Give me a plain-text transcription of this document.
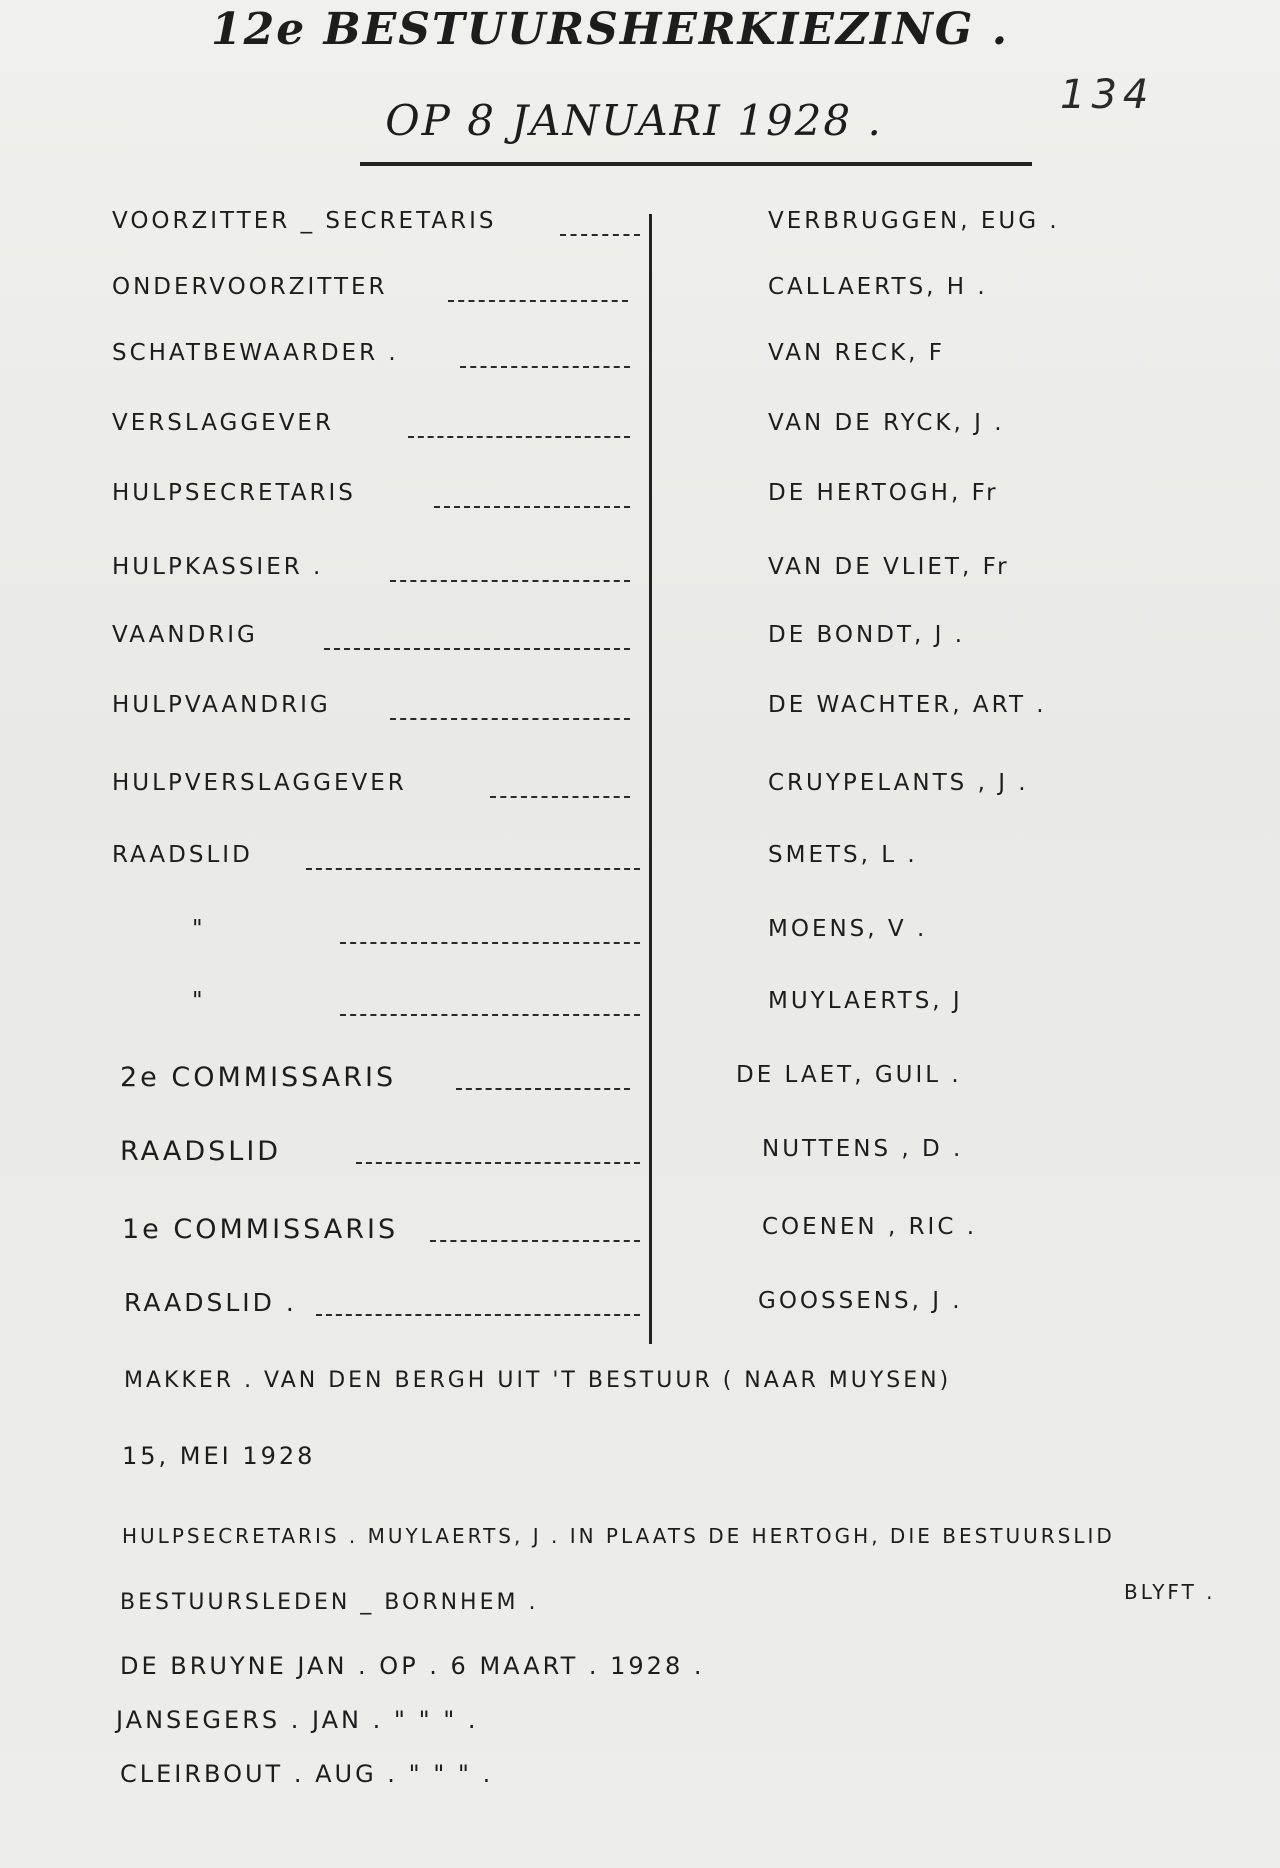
12e BESTUURSHERKIEZING .
OP 8 JANUARI 1928 .
134
VOORZITTER _ SECRETARIS	VERBRUGGEN, EUG .
ONDERVOORZITTER	CALLAERTS, H .
SCHATBEWAARDER .	VAN RECK, F
VERSLAGGEVER	VAN DE RYCK, J .
HULPSECRETARIS	DE HERTOGH, Fr
HULPKASSIER .	VAN DE VLIET, Fr
VAANDRIG	DE BONDT, J .
HULPVAANDRIG	DE WACHTER, ART .
HULPVERSLAGGEVER	CRUYPELANTS , J .
RAADSLID	SMETS, L .
"	MOENS, V .
"	MUYLAERTS, J
2e COMMISSARIS	DE LAET, GUIL .
RAADSLID	NUTTENS , D .
1e COMMISSARIS	COENEN , RIC .
RAADSLID .	GOOSSENS, J .
MAKKER . VAN DEN BERGH UIT 'T BESTUUR ( NAAR MUYSEN)
15, MEI 1928
HULPSECRETARIS . MUYLAERTS, J . IN PLAATS DE HERTOGH, DIE BESTUURSLID
BLYFT .
BESTUURSLEDEN _ BORNHEM .
DE BRUYNE JAN . OP . 6 MAART . 1928 .
JANSEGERS . JAN . " " " .
CLEIRBOUT . AUG . " " " .
